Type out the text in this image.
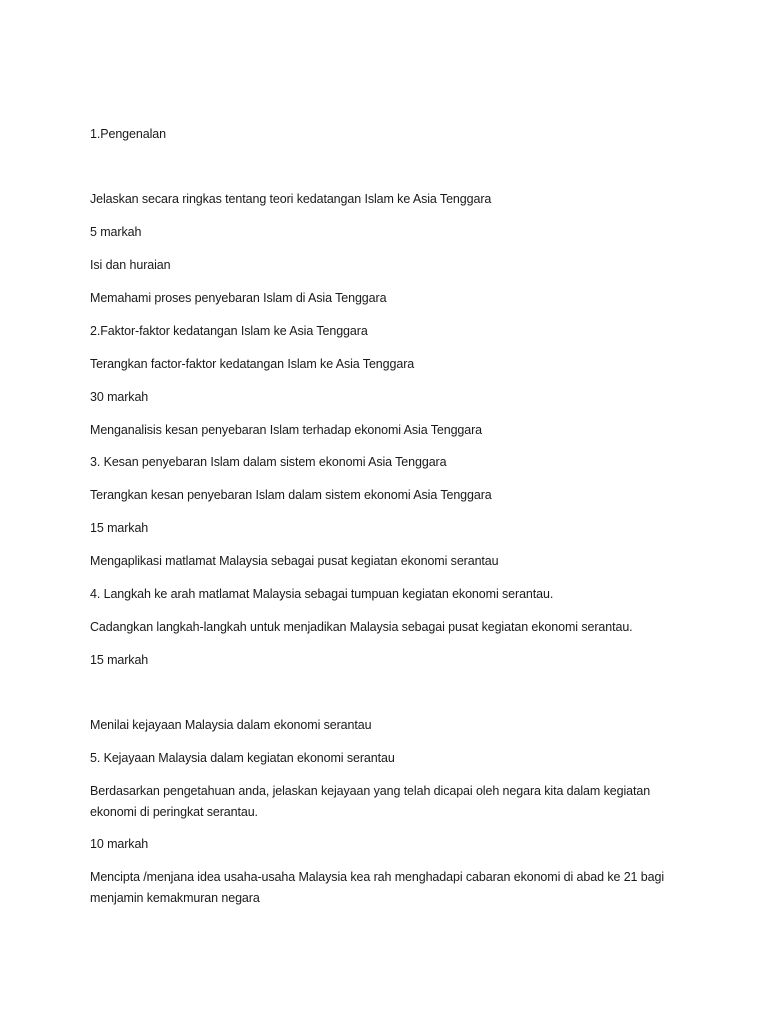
1.Pengenalan
Jelaskan secara ringkas tentang teori kedatangan Islam ke Asia Tenggara
5 markah
Isi dan huraian
Memahami proses penyebaran Islam di Asia Tenggara
2.Faktor-faktor kedatangan Islam ke Asia Tenggara
Terangkan factor-faktor kedatangan Islam ke Asia Tenggara
30 markah
Menganalisis kesan penyebaran Islam terhadap ekonomi Asia Tenggara
3. Kesan penyebaran Islam dalam sistem ekonomi Asia Tenggara
Terangkan kesan penyebaran Islam dalam sistem ekonomi Asia Tenggara
15 markah
Mengaplikasi matlamat Malaysia sebagai pusat kegiatan ekonomi serantau
4. Langkah ke arah matlamat Malaysia sebagai tumpuan kegiatan ekonomi serantau.
Cadangkan langkah-langkah untuk menjadikan Malaysia sebagai pusat kegiatan ekonomi serantau.
15 markah
Menilai kejayaan Malaysia dalam ekonomi serantau
5. Kejayaan Malaysia dalam kegiatan ekonomi serantau
Berdasarkan pengetahuan anda, jelaskan kejayaan yang telah dicapai oleh negara kita dalam kegiatan ekonomi di peringkat serantau.
10 markah
Mencipta /menjana idea usaha-usaha Malaysia kea rah menghadapi cabaran ekonomi di abad ke 21 bagi menjamin kemakmuran negara
